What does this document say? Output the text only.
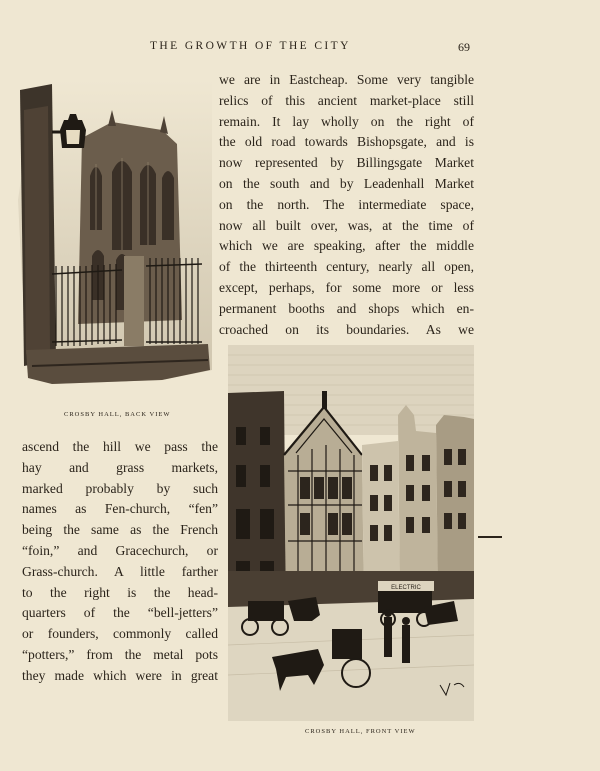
THE GROWTH OF THE CITY	69
CROSBY HALL, BACK VIEW
we are in Eastcheap. Some very tangible
relics of this ancient market-place still
remain. It lay wholly on the right of
the old road towards Bishopsgate, and is
now represented by Billingsgate Market
on the south and by Leadenhall Market
on the north. The intermediate space,
now all built over, was, at the time of
which we are speaking, after the middle
of the thirteenth century, nearly all open,
except, perhaps, for some more or less
permanent booths and shops which en-
croached on its boundaries. As we
ELECTRIC
CROSBY HALL, FRONT VIEW
ascend the hill we pass the
hay and grass markets,
marked probably by such
names as Fen-church, “fen”
being the same as the French
“foin,” and Gracechurch, or
Grass-church. A little farther
to the right is the head-
quarters of the “bell-jetters”
or founders, commonly called
“potters,” from the metal pots
they made which were in great
